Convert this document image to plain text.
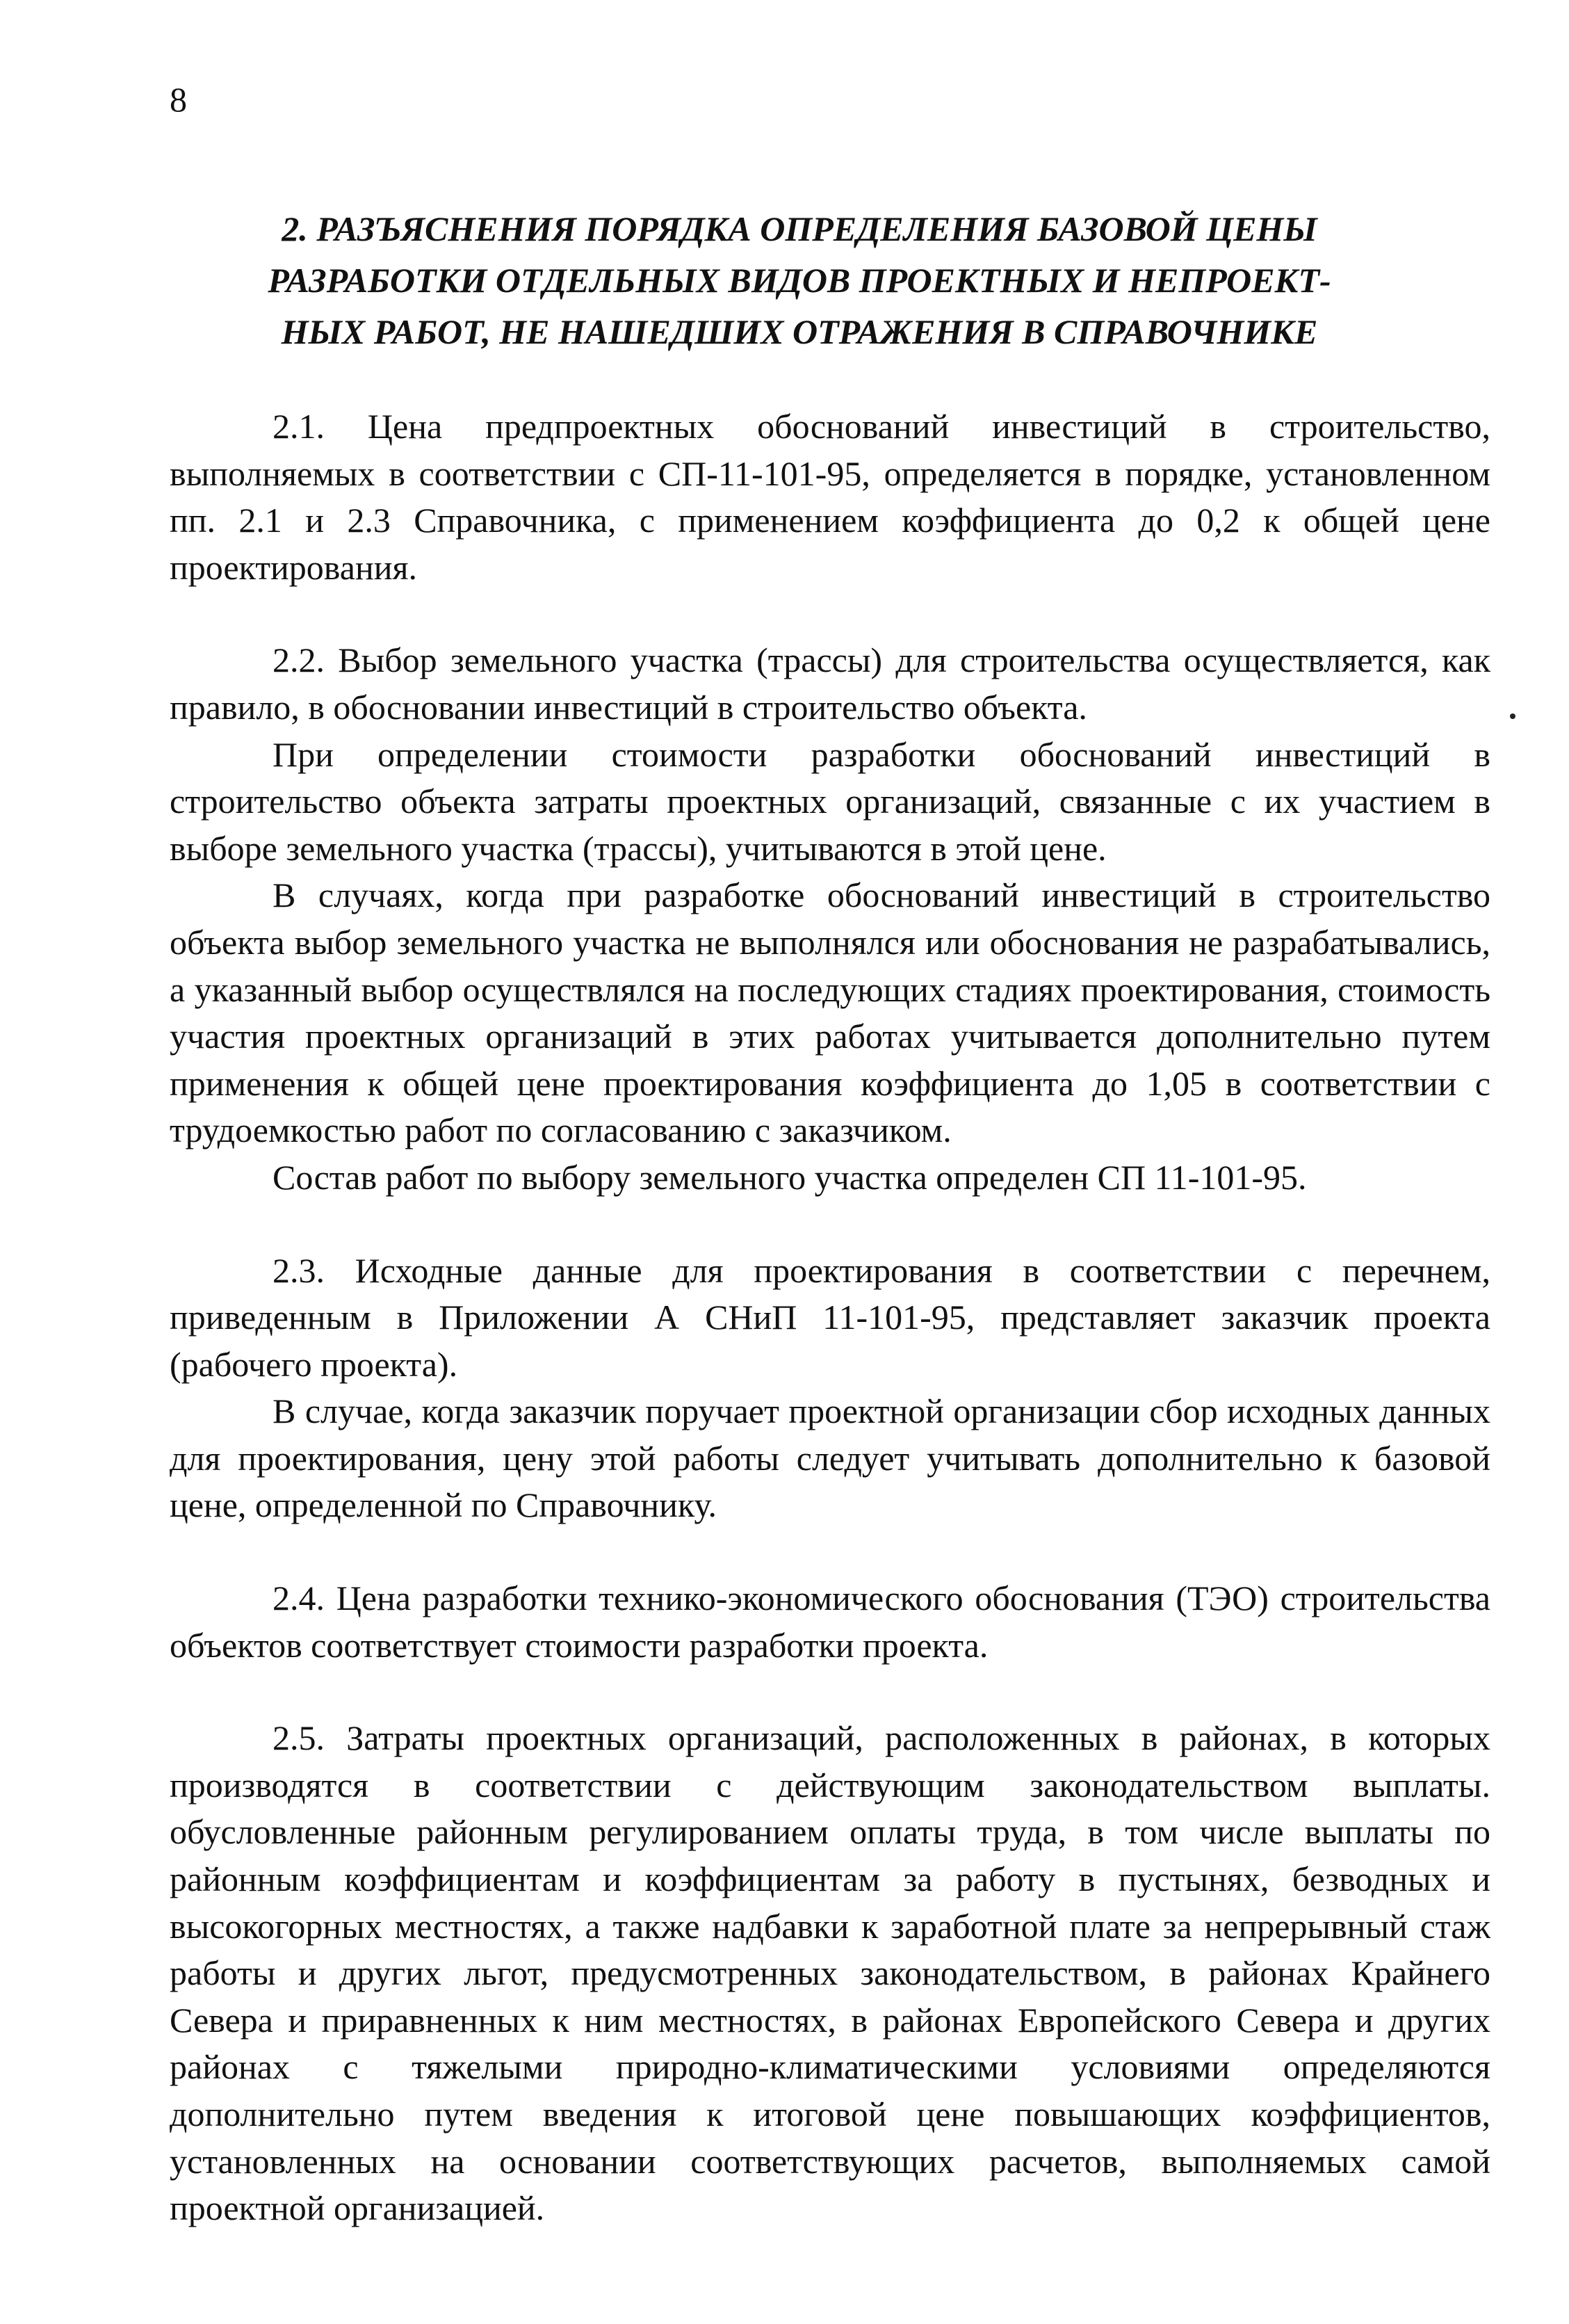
8
2. РАЗЪЯСНЕНИЯ ПОРЯДКА ОПРЕДЕЛЕНИЯ БАЗОВОЙ ЦЕНЫ
РАЗРАБОТКИ ОТДЕЛЬНЫХ ВИДОВ ПРОЕКТНЫХ И НЕПРОЕКТ-
НЫХ РАБОТ, НЕ НАШЕДШИХ ОТРАЖЕНИЯ В СПРАВОЧНИКЕ

2.1. Цена предпроектных обоснований инвестиций в строительство, выполняемых в соответствии с СП-11-101-95, определяется в порядке, установленном пп. 2.1 и 2.3 Справочника, с применением коэффициента до 0,2 к общей цене проектирования.

2.2. Выбор земельного участка (трассы) для строительства осуществляется, как правило, в обосновании инвестиций в строительство объекта.

При определении стоимости разработки обоснований инвестиций в строительство объекта затраты проектных организаций, связанные с их участием в выборе земельного участка (трассы), учитываются в этой цене.

В случаях, когда при разработке обоснований инвестиций в строительство объекта выбор земельного участка не выполнялся или обоснования не разрабатывались, а указанный выбор осуществлялся на последующих стадиях проектирования, стоимость участия проектных организаций в этих работах учитывается дополнительно путем применения к общей цене проектирования коэффициента до 1,05 в соответствии с трудоемкостью работ по согласованию с заказчиком.

Состав работ по выбору земельного участка определен СП 11-101-95.

2.3. Исходные данные для проектирования в соответствии с перечнем, приведенным в Приложении А СНиП 11-101-95, представляет заказчик проекта (рабочего проекта).

В случае, когда заказчик поручает проектной организации сбор исходных данных для проектирования, цену этой работы следует учитывать дополнительно к базовой цене, определенной по Справочнику.

2.4. Цена разработки технико-экономического обоснования (ТЭО) строительства объектов соответствует стоимости разработки проекта.

2.5. Затраты проектных организаций, расположенных в районах, в которых производятся в соответствии с действующим законодательством выплаты. обусловленные районным регулированием оплаты труда, в том числе выплаты по районным коэффициентам и коэффициентам за работу в пустынях, безводных и высокогорных местностях, а также надбавки к заработной плате за непрерывный стаж работы и других льгот, предусмотренных законодательством, в районах Крайнего Севера и приравненных к ним местностях, в районах Европейского Севера и других районах с тяжелыми природно-климатическими условиями определяются дополнительно путем введения к итоговой цене повышающих коэффициентов, установленных на основании соответствующих расчетов, выполняемых самой проектной организацией.
